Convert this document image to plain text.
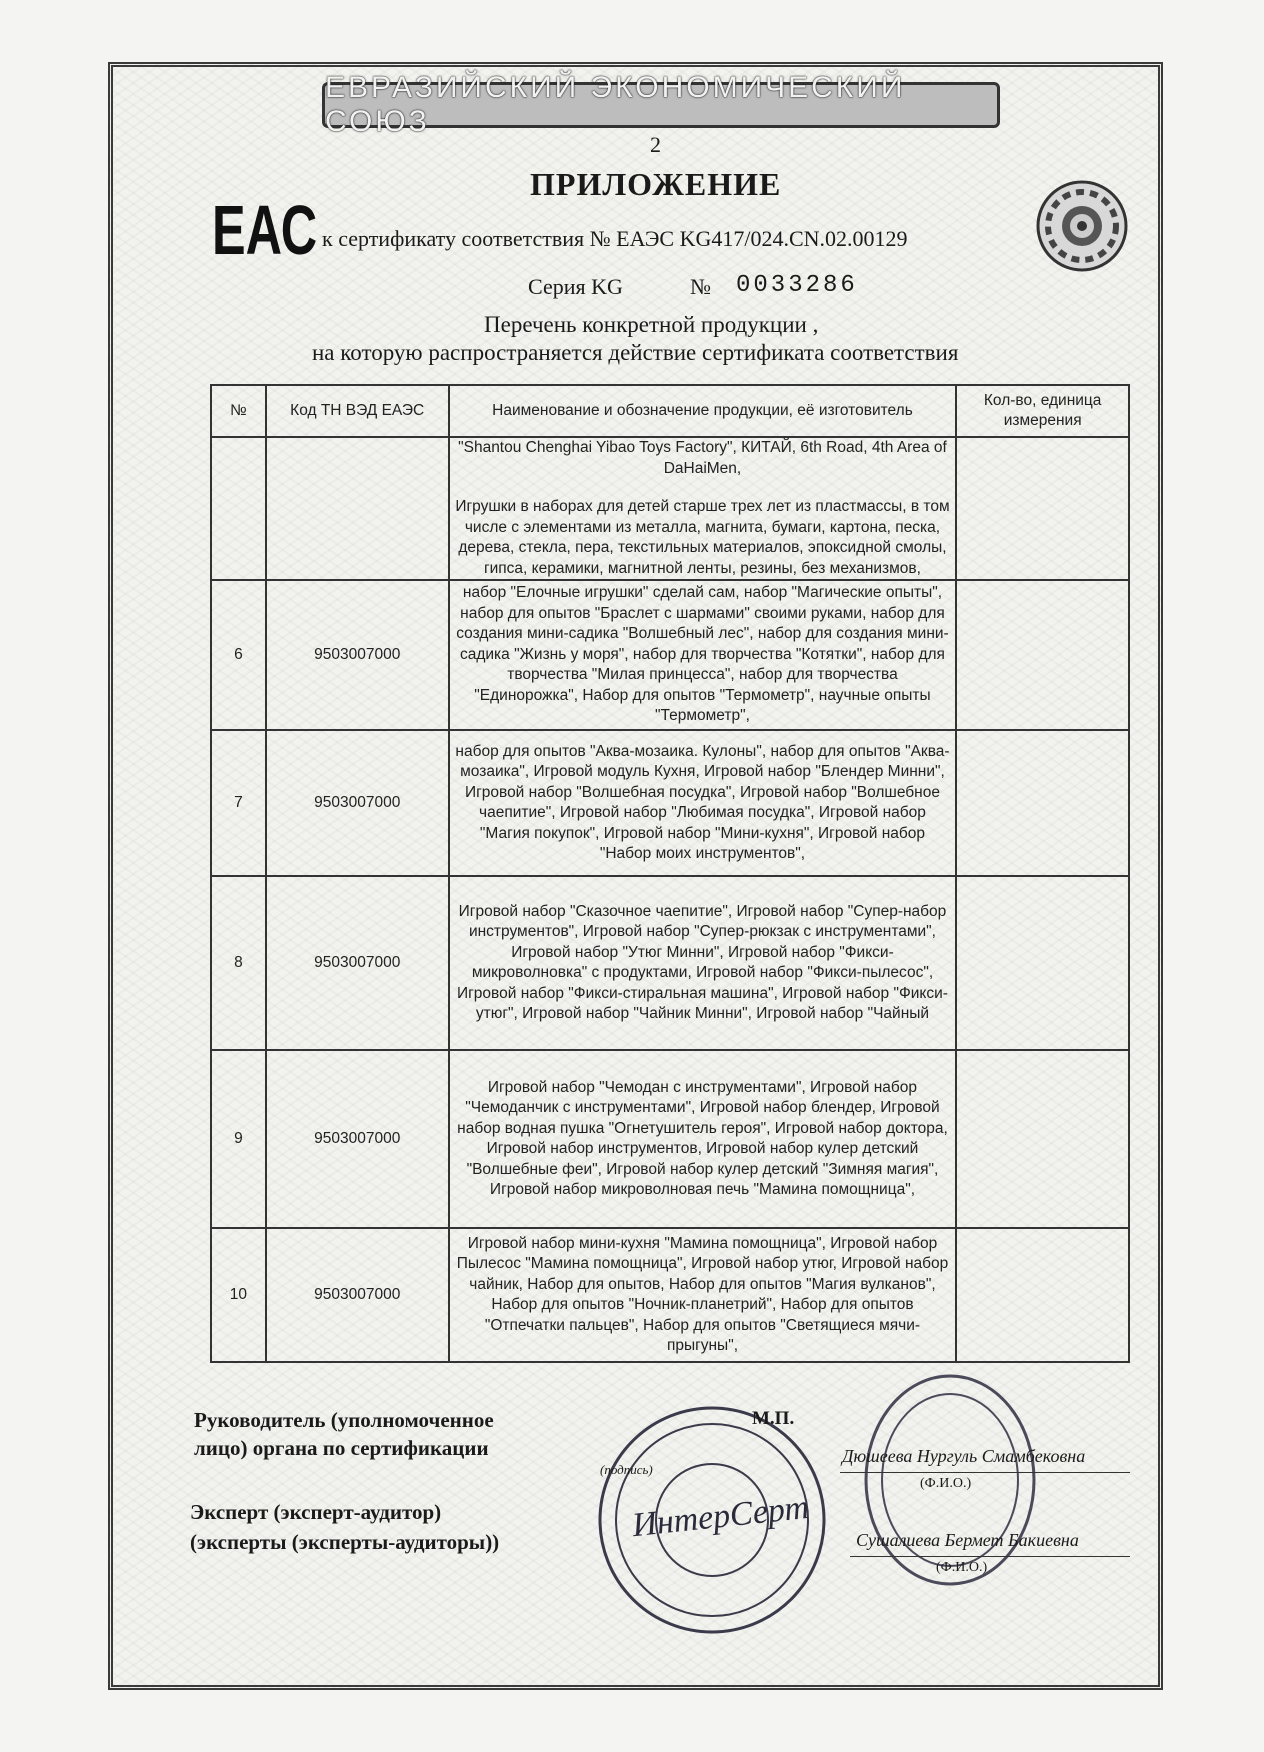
ЕВРАЗИЙСКИЙ ЭКОНОМИЧЕСКИЙ СОЮЗ
2
ЕАС
ПРИЛОЖЕНИЕ
к сертификату соответствия № ЕАЭС KG417/024.CN.02.00129
Серия KG	№ 0033286
Перечень конкретной продукции ,
на которую распространяется действие сертификата соответствия
№	Код ТН ВЭД ЕАЭС	Наименование и обозначение продукции, её изготовитель	Кол-во, единица измерения

		"Shantou Chenghai Yibao Toys Factory", КИТАЙ, 6th Road, 4th Area of DaHaiMen,
Игрушки в наборах для детей старше трех лет из пластмассы, в том числе с элементами из металла, магнита, бумаги, картона, песка, дерева, стекла, пера, текстильных материалов, эпоксидной смолы, гипса, керамики, магнитной ленты, резины, без механизмов,	

6	9503007000	набор "Елочные игрушки" сделай сам, набор "Магические опыты", набор для опытов "Браслет с шармами" своими руками, набор для создания мини-садика "Волшебный лес", набор для создания мини-садика "Жизнь у моря", набор для творчества "Котятки", набор для творчества "Милая принцесса", набор для творчества "Единорожка", Набор для опытов "Термометр", научные опыты "Термометр",	
7	9503007000	набор для опытов "Аква-мозаика. Кулоны", набор для опытов "Аква-мозаика", Игровой модуль Кухня, Игровой набор "Блендер Минни", Игровой набор "Волшебная посудка", Игровой набор "Волшебное чаепитие", Игровой набор "Любимая посудка", Игровой набор "Магия покупок", Игровой набор "Мини-кухня", Игровой набор "Набор моих инструментов",	
8	9503007000	Игровой набор "Сказочное чаепитие", Игровой набор "Супер-набор инструментов", Игровой набор "Супер-рюкзак с инструментами", Игровой набор "Утюг Минни", Игровой набор "Фикси-микроволновка" с продуктами, Игровой набор "Фикси-пылесос", Игровой набор "Фикси-стиральная машина", Игровой набор "Фикси-утюг", Игровой набор "Чайник Минни", Игровой набор "Чайный	
9	9503007000	Игровой набор "Чемодан с инструментами", Игровой набор "Чемоданчик с инструментами", Игровой набор блендер, Игровой набор водная пушка "Огнетушитель героя", Игровой набор доктора, Игровой набор инструментов, Игровой набор кулер детский "Волшебные феи", Игровой набор кулер детский "Зимняя магия", Игровой набор микроволновая печь "Мамина помощница",	
10	9503007000	Игровой набор мини-кухня "Мамина помощница", Игровой набор Пылесос "Мамина помощница", Игровой набор утюг, Игровой набор чайник, Набор для опытов, Набор для опытов "Магия вулканов", Набор для опытов "Ночник-планетрий", Набор для опытов "Отпечатки пальцев", Набор для опытов "Светящиеся мячи-прыгуны",	
ИнтерСерт
Руководитель (уполномоченное
лицо) органа по сертификации
М.П.
(подпись)
Дюшеева Нургуль Смамбековна
(Ф.И.О.)
Эксперт (эксперт-аудитор)
(эксперты (эксперты-аудиторы))	Сушалиева Бермет Бакиевна
(Ф.И.О.)
